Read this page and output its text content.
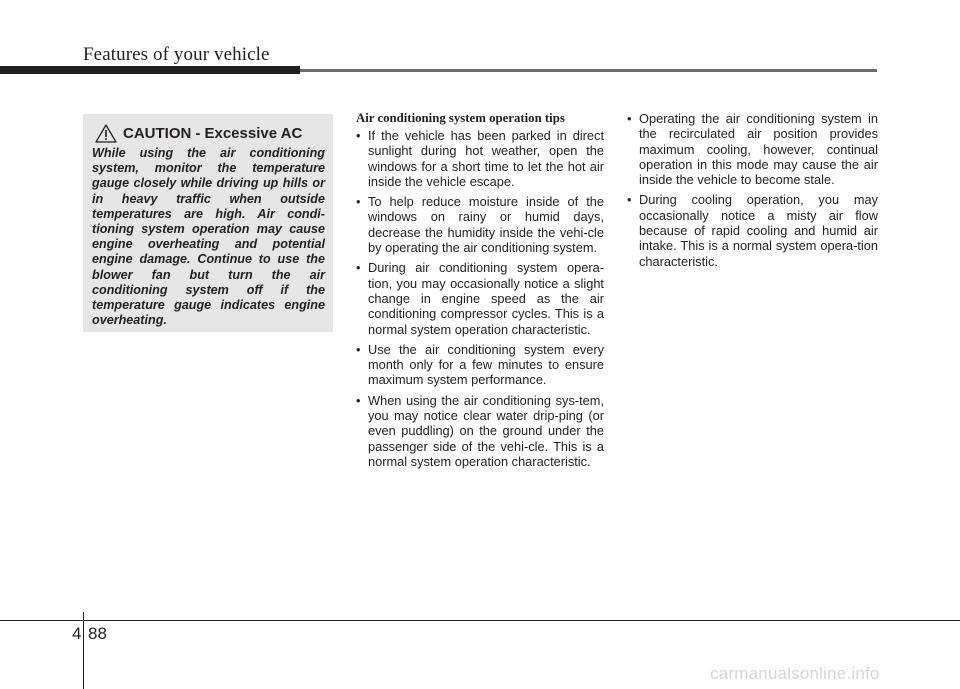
Features of your vehicle
CAUTION - Excessive AC
While using the air conditioning system, monitor the temperature gauge closely while driving up hills or in heavy traffic when outside temperatures are high. Air condi-tioning system operation may cause engine overheating and potential engine damage. Continue to use the blower fan but turn the air conditioning system off if the temperature gauge indicates engine overheating.
Air conditioning system operation tips
• If the vehicle has been parked in direct sunlight during hot weather, open the windows for a short time to let the hot air inside the vehicle escape.
• To help reduce moisture inside of the windows on rainy or humid days, decrease the humidity inside the vehi-cle by operating the air conditioning system.
• During air conditioning system opera-tion, you may occasionally notice a slight change in engine speed as the air conditioning compressor cycles. This is a normal system operation characteristic.
• Use the air conditioning system every month only for a few minutes to ensure maximum system performance.
• When using the air conditioning sys-tem, you may notice clear water drip-ping (or even puddling) on the ground under the passenger side of the vehi-cle. This is a normal system operation characteristic.
• Operating the air conditioning system in the recirculated air position provides maximum cooling, however, continual operation in this mode may cause the air inside the vehicle to become stale.
• During cooling operation, you may occasionally notice a misty air flow because of rapid cooling and humid air intake. This is a normal system opera-tion characteristic.
4 88
carmanualsonline.info
